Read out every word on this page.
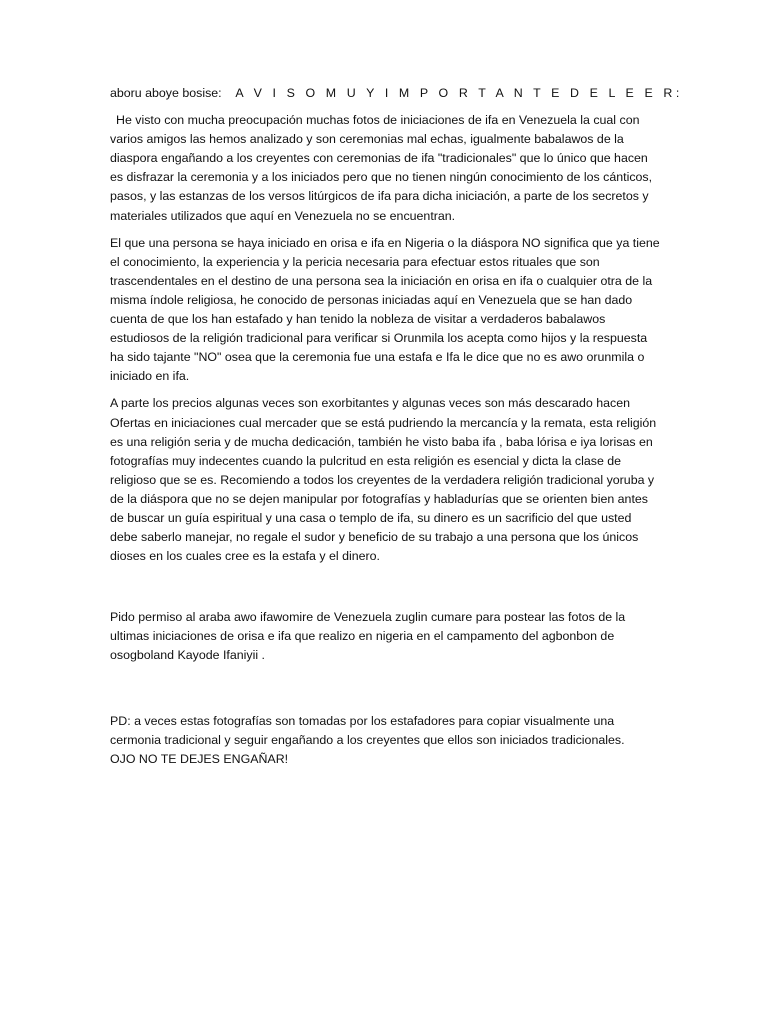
aboru aboye bosise: A V I S O M U Y I M P O R T A N T E D E L E E R:

He visto con mucha preocupación muchas fotos de iniciaciones de ifa en Venezuela la cual con varios amigos las hemos analizado y son ceremonias mal echas, igualmente babalawos de la diaspora engañando a los creyentes con ceremonias de ifa "tradicionales" que lo único que hacen es disfrazar la ceremonia y a los iniciados pero que no tienen ningún conocimiento de los cánticos, pasos, y las estanzas de los versos litúrgicos de ifa para dicha iniciación, a parte de los secretos y materiales utilizados que aquí en Venezuela no se encuentran.

El que una persona se haya iniciado en orisa e ifa en Nigeria o la diáspora NO significa que ya tiene el conocimiento, la experiencia y la pericia necesaria para efectuar estos rituales que son trascendentales en el destino de una persona sea la iniciación en orisa en ifa o cualquier otra de la misma índole religiosa, he conocido de personas iniciadas aquí en Venezuela que se han dado cuenta de que los han estafado y han tenido la nobleza de visitar a verdaderos babalawos estudiosos de la religión tradicional para verificar si Orunmila los acepta como hijos y la respuesta ha sido tajante "NO" osea que la ceremonia fue una estafa e Ifa le dice que no es awo orunmila o iniciado en ifa.

A parte los precios algunas veces son exorbitantes y algunas veces son más descarado hacen Ofertas en iniciaciones cual mercader que se está pudriendo la mercancía y la remata, esta religión es una religión seria y de mucha dedicación, también he visto baba ifa , baba lórisa e iya lorisas en fotografías muy indecentes cuando la pulcritud en esta religión es esencial y dicta la clase de religioso que se es. Recomiendo a todos los creyentes de la verdadera religión tradicional yoruba y de la diáspora que no se dejen manipular por fotografías y habladurías que se orienten bien antes de buscar un guía espiritual y una casa o templo de ifa, su dinero es un sacrificio del que usted debe saberlo manejar, no regale el sudor y beneficio de su trabajo a una persona que los únicos dioses en los cuales cree es la estafa y el dinero.

Pido permiso al araba awo ifawomire de Venezuela zuglin cumare para postear las fotos de la ultimas iniciaciones de orisa e ifa que realizo en nigeria en el campamento del agbonbon de osogboland Kayode Ifaniyii .

PD: a veces estas fotografías son tomadas por los estafadores para copiar visualmente una cermonia tradicional y seguir engañando a los creyentes que ellos son iniciados tradicionales.
OJO NO TE DEJES ENGAÑAR!
